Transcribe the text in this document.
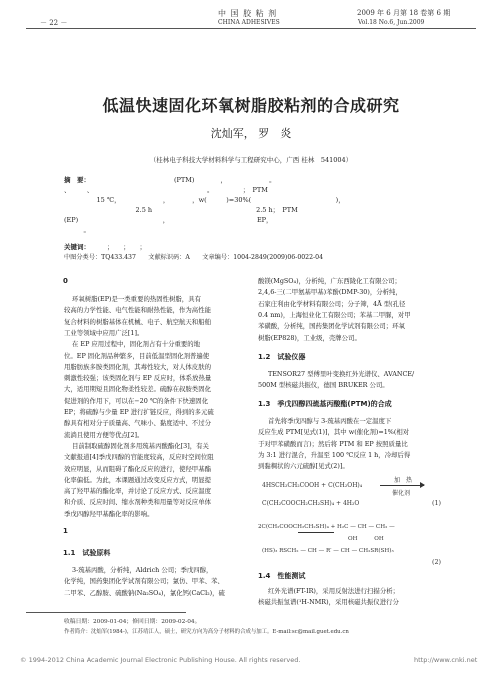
中 国 胶 粘 剂
CHINA ADHESIVES
－ 22 －
2009 年 6 月第 18 卷第 6 期
Vol.18 No.6, Jun.2009
低温快速固化环氧树脂胶粘剂的合成研究
沈灿军， 罗　炎
（桂林电子科技大学材料科学与工程研究中心，广西 桂林　541004）
摘　要：	(PTM)　　　　，　　　　　　　。
、　　　、　　　　　　　　　　　　　　　　　　。　　　　　；　PTM
　　　　　15 ℃，　　　　　　　，　　　　，w(　　　)=30%(　　　　　　　　　　　　　)，
　　　　　　　　　　　2.5 h　　　　　　　　　　　　　　　　2.5 h；　PTM
(EP)　　　　　　　　　　　　　，　　　　　　　　　　　　　　EP，
　　　。
关键词： 　　；　　；　　；
中图分类号：TQ433.437　　文献标识码：A　　文章编号：1004-2849(2009)06-0022-04
0
环氧树脂(EP)是一类重要的热固性树脂，具有
较高的力学性能、电气性能和耐热性能，作为高性能
复合材料的树脂基体在机械、电子、航空航天和船舶
工业等领域中应用广泛[1]。
在 EP 应用过程中，固化剂占有十分重要的地
位。EP 固化剂品种繁多，目前低温型固化剂普遍使
用脂肪族多胺类固化剂，其毒性较大，对人体皮肤的
刺激性较强；该类固化剂与 EP 反应时，体系放热量
大，适用期短且固化物柔性较差。硫醇在叔胺类固化
促进剂的作用下，可以在−20 ℃的条件下快速固化
EP；将硫醇与少量 EP 进行扩链反应，得到的多元硫
醇具有相对分子质量高、气味小、黏度适中、不过分
流淌且使用方便等优点[2]。
目前制取硫醇固化剂多用巯基丙酸酯化[3]，有关
文献报道[4]季戊四醇的官能度较高，反应时空间位阻
效应明显，从而阻碍了酯化反应的进行，使羟甲基酯
化率偏低。为此，本课题通过改变反应方式，明显提
高了羟甲基的酯化率，并讨论了反应方式、反应温度
和介质、反应时间、缩水剂种类和用量等对反应单体
季戊四醇羟甲基酯化率的影响。
1
1.1　试验原料
3-巯基丙酸，分析纯，Aldrich 公司；季戊四醇，
化学纯，国药集团化学试剂有限公司；氯仿、甲苯、苯、
二甲苯、乙醇胺、硫酸钠(Na₂SO₄)，氯化钙(CaCl₂)，硫
收稿日期：2009-01-04；修回日期：2009-02-04。
作者简介：沈灿军(1984-)，江苏靖江人，硕士，研究方向为高分子材料的合成与加工。E-mail:sc@mail.guet.edu.cn
酸镁(MgSO₄)，分析纯，广东西陇化工有限公司；
2,4,6-三(二甲氨基甲基)苯酚(DMP-30)，分析纯，
石家庄利由化学材料有限公司；分子筛，4Å 型(孔径
0.4 nm)，上海恒业化工有限公司；苯基二甲脲，对甲
苯磺酸，分析纯，国药集团化学试剂有限公司；环氧
树脂(EP828)，工业级，壳牌公司。
1.2　试验仪器
TENSOR27 型傅里叶变换红外光谱仪、AVANCE/
500M 型核磁共振仪，德国 BRUKER 公司。
1.3　季戊四醇四巯基丙酸酯(PTM)的合成
首先将季戊四醇与 3-巯基丙酸在一定温度下
反应生成 PTM[见式(1)]，其中 w(催化剂)=1%(相对
于对甲苯磺酸而言)；然后将 PTM 和 EP 按照质量比
为 3:1 进行混合，升温至 100 ℃反应 1 h，冷却后得
到黏稠状的六元硫醇[见式(2)]。
4HSCH₂CH₂COOH + C(CH₂OH)₄
加　热
催化剂
C(CH₂COOCH₂CH₂SH)₄ + 4H₂O	(1)
2C(CH₂COOCH₂CH₂SH)₄ + H₂C — CH — CH₂ —
OH　　　OH
(HS)₃ RSCH₂ — CH — R′ — CH — CH₂SR(SH)₃
(2)
1.4　性能测试
红外光谱(FT-IR)，采用反射法进行扫描分析；
核磁共振氢谱(¹H-NMR)，采用核磁共振仪进行分
© 1994-2012 China Academic Journal Electronic Publishing House. All rights reserved.	http://www.cnki.net
